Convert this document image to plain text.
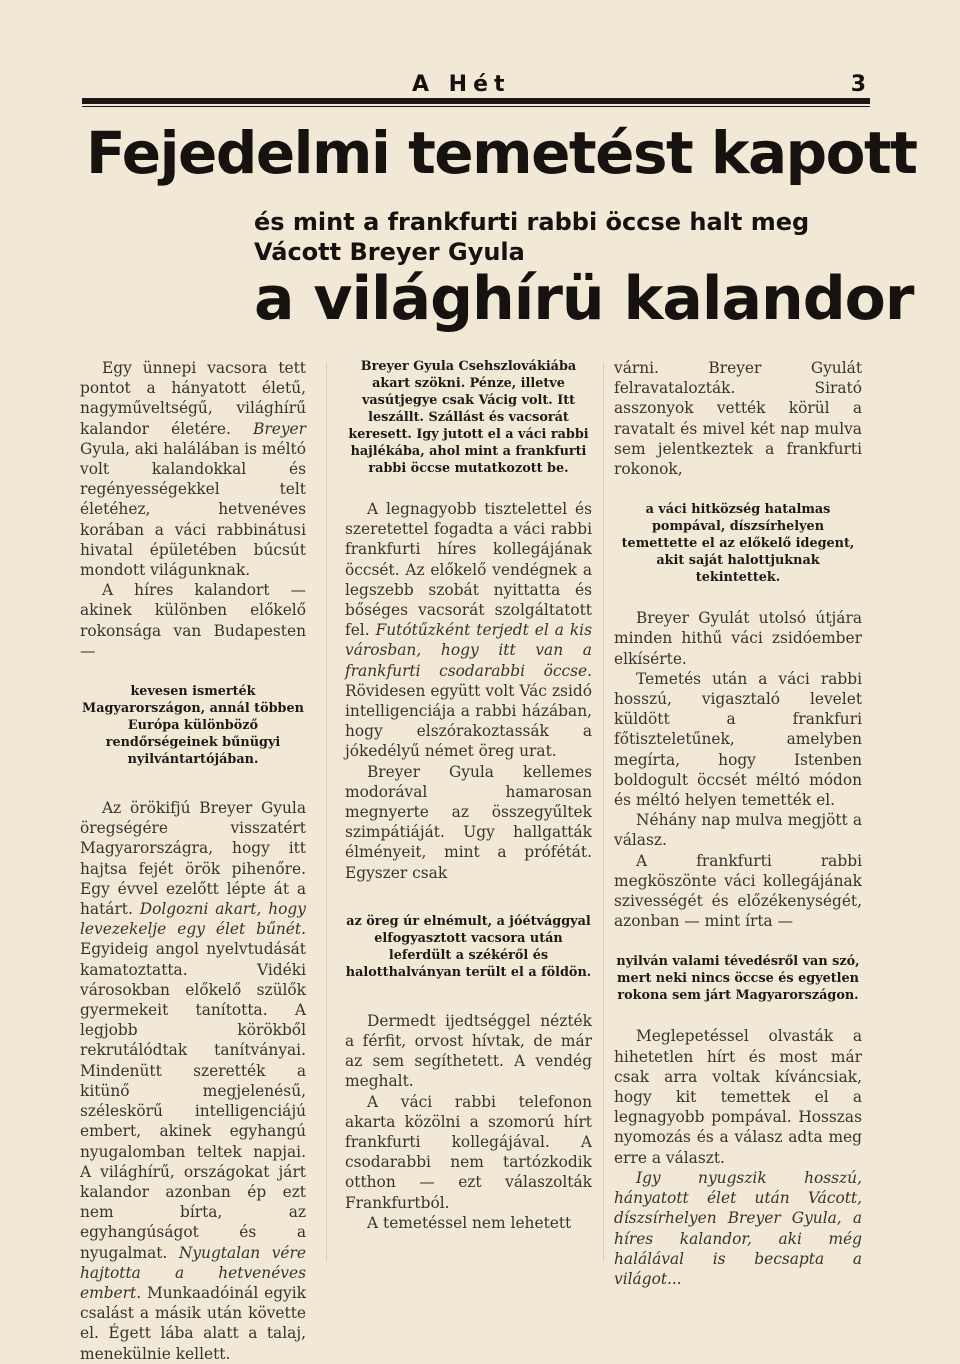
A Hét	3
Fejedelmi temetést kapott
és mint a frankfurti rabbi öccse halt meg
Vácott Breyer Gyula
a világhírü kalandor

Egy ünnepi vacsora tett pontot a hányatott életű, nagyműveltségű, világhírű kalandor életére. Breyer Gyula, aki halálában is méltó volt kalandokkal és regényességekkel telt életéhez, hetvenéves korában a váci rabbinátusi hivatal épületében búcsút mondott világunknak.

A híres kalandort — akinek különben előkelő rokonsága van Budapesten —

kevesen ismerték Magyarországon, annál többen Európa különböző rendőrségeinek bűnügyi nyilvántartójában.

Az örökifjú Breyer Gyula öregségére visszatért Magyarországra, hogy itt hajtsa fejét örök pihenőre. Egy évvel ezelőtt lépte át a határt. Dolgozni akart, hogy levezekelje egy élet bűnét. Egyideig angol nyelvtudását kamatoztatta. Vidéki városokban előkelő szülők gyermekeit tanította. A legjobb körökből rekrutálódtak tanítványai. Mindenütt szerették a kitünő megjelenésű, széleskörű intelligenciájú embert, akinek egyhangú nyugalomban teltek napjai. A világhírű, országokat járt kalandor azonban ép ezt nem bírta, az egyhangúságot és a nyugalmat. Nyugtalan vére hajtotta a hetvenéves embert. Munkaadóinál egyik csalást a másik után követte el. Égett lába alatt a talaj, menekülnie kellett.

Breyer Gyula Csehszlovákiába akart szökni. Pénze, illetve vasútjegye csak Vácig volt. Itt leszállt. Szállást és vacsorát keresett. Igy jutott el a váci rabbi hajlékába, ahol mint a frankfurti rabbi öccse mutatkozott be.

A legnagyobb tisztelettel és szeretettel fogadta a váci rabbi frankfurti híres kollegájának öccsét. Az előkelő vendégnek a legszebb szobát nyittatta és bőséges vacsorát szolgáltatott fel. Futótűzként terjedt el a kis városban, hogy itt van a frankfurti csodarabbi öccse. Rövidesen együtt volt Vác zsidó intelligenciája a rabbi házában, hogy elszórakoztassák a jókedélyű német öreg urat.

Breyer Gyula kellemes modorával hamarosan megnyerte az összegyűltek szimpátiáját. Ugy hallgatták élményeit, mint a prófétát. Egyszer csak

az öreg úr elnémult, a jóétvággyal elfogyasztott vacsora után leferdült a székéről és halotthalványan terült el a földön.

Dermedt ijedtséggel nézték a férfit, orvost hívtak, de már az sem segíthetett. A vendég meghalt.

A váci rabbi telefonon akarta közölni a szomorú hírt frankfurti kollegájával. A csodarabbi nem tartózkodik otthon — ezt válaszolták Frankfurtból.

A temetéssel nem lehetett

várni. Breyer Gyulát felravatalozták. Sirató asszonyok vették körül a ravatalt és mivel két nap mulva sem jelentkeztek a frankfurti rokonok,

a váci hitközség hatalmas pompával, díszsírhelyen temettette el az előkelő idegent, akit saját halottjuknak tekintettek.

Breyer Gyulát utolsó útjára minden hithű váci zsidóember elkísérte.

Temetés után a váci rabbi hosszú, vigasztaló levelet küldött a frankfuri főtiszteletűnek, amelyben megírta, hogy Istenben boldogult öccsét méltó módon és méltó helyen temették el.

Néhány nap mulva megjött a válasz.

A frankfurti rabbi megköszönte váci kollegájának szivességét és előzékenységét, azonban — mint írta —

nyilván valami tévedésről van szó, mert neki nincs öccse és egyetlen rokona sem járt Magyarországon.

Meglepetéssel olvasták a hihetetlen hírt és most már csak arra voltak kíváncsiak, hogy kit temettek el a legnagyobb pompával. Hosszas nyomozás és a válasz adta meg erre a választ.

Igy nyugszik hosszú, hányatott élet után Vácott, díszsírhelyen Breyer Gyula, a híres kalandor, aki még halálával is becsapta a világot...
